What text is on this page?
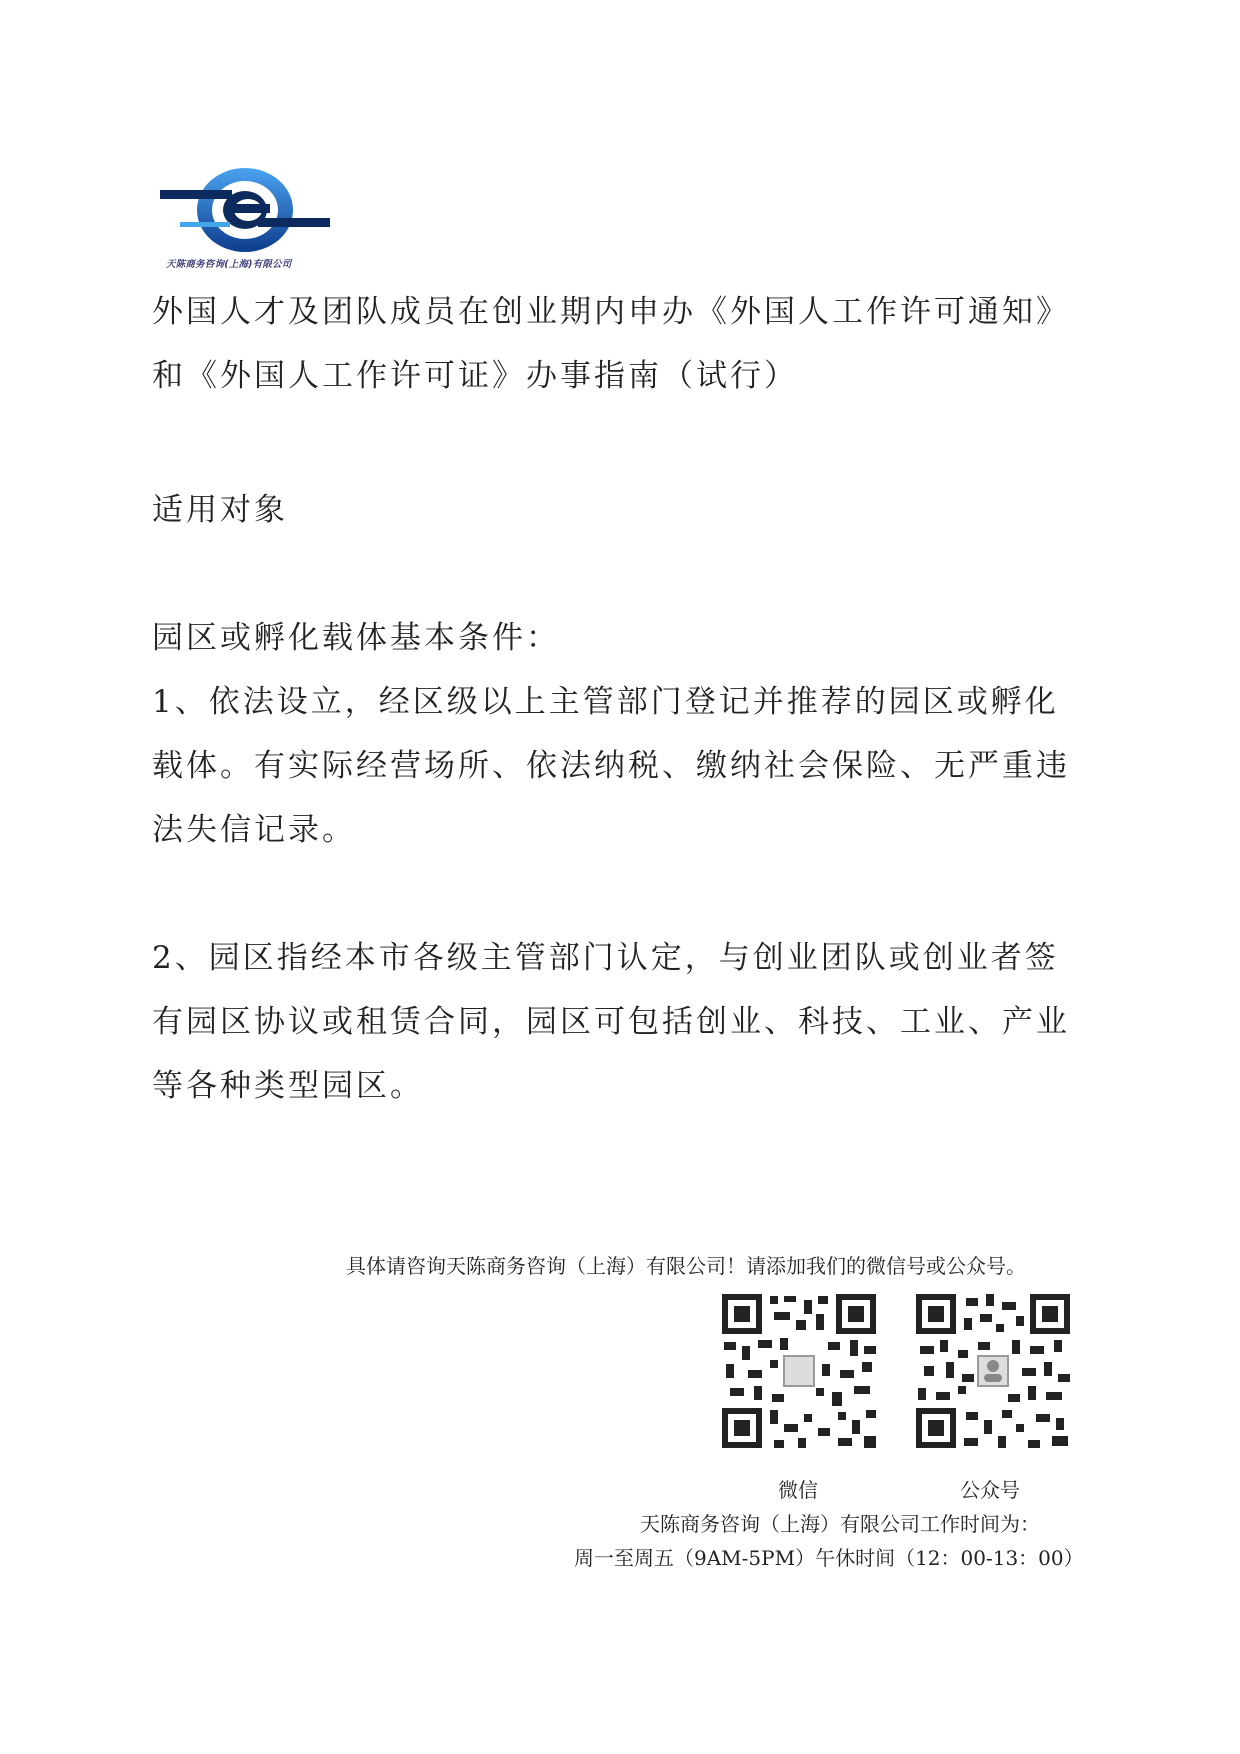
天陈商务咨询(上海)有限公司
外国人才及团队成员在创业期内申办《外国人工作许可通知》
和《外国人工作许可证》办事指南（试行）
适用对象
园区或孵化载体基本条件：
1、依法设立，经区级以上主管部门登记并推荐的园区或孵化
载体。有实际经营场所、依法纳税、缴纳社会保险、无严重违
法失信记录。
2、园区指经本市各级主管部门认定，与创业团队或创业者签
有园区协议或租赁合同，园区可包括创业、科技、工业、产业
等各种类型园区。
具体请咨询天陈商务咨询（上海）有限公司！请添加我们的微信号或公众号。
微信	公众号
天陈商务咨询（上海）有限公司工作时间为：
周一至周五（9AM-5PM）午休时间（12：00-13：00）
